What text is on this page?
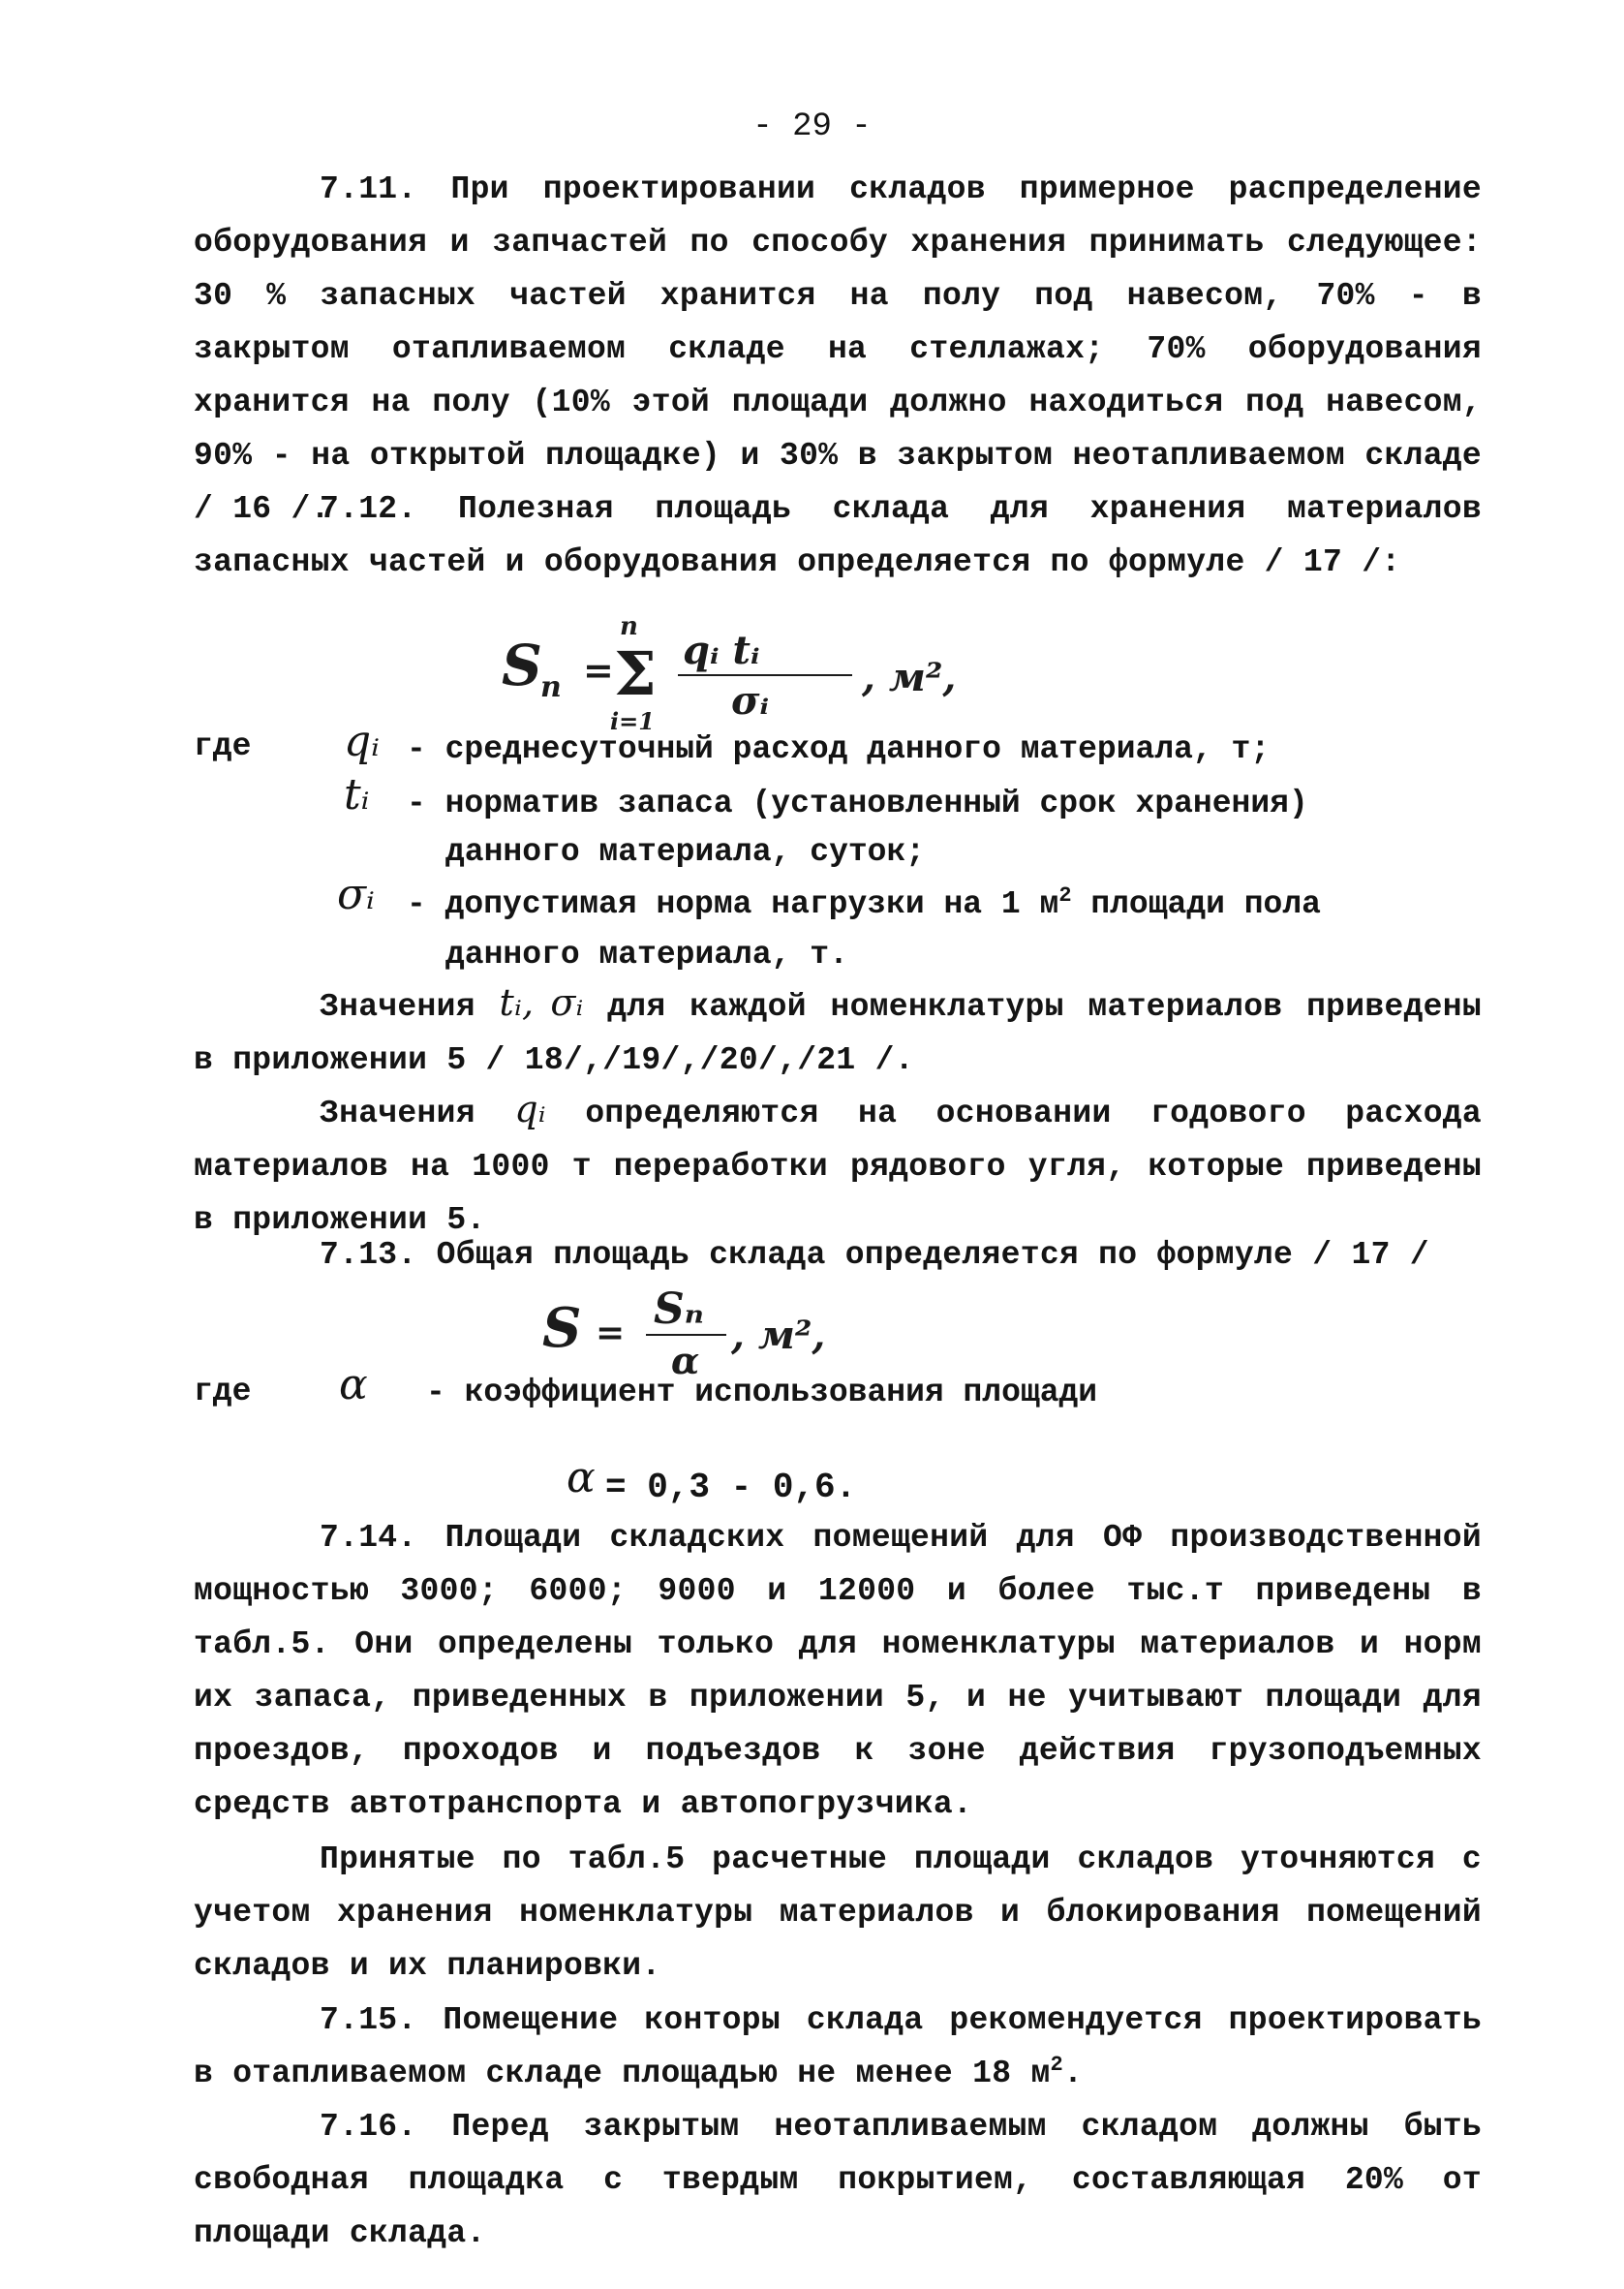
- 29 -

7.11. При проектировании складов примерное распределение оборудования и запчастей по способу хранения принимать следующее: 30 % запасных частей хранится на полу под навесом, 70% - в закрытом отапливаемом складе на стеллажах; 70% оборудования хранится на полу (10% этой площади должно находиться под навесом, 90% - на открытой площадке) и 30% в закрытом неотапливаемом складе / 16 /.

7.12. Полезная площадь склада для хранения материалов запасных частей и оборудования определяется по формуле / 17 /:

S
п =
n
Σ
i=1
qᵢ tᵢ
σᵢ
, м²,
где qᵢ - среднесуточный расход данного материала, т;
tᵢ - норматив запаса (установленный срок хранения)
данного материала, суток;
σᵢ - допустимая норма нагрузки на 1 $м^2$ площади пола
данного материала, т.

Значения tᵢ, σᵢ для каждой номенклатуры материалов приведены в приложении 5 / 18/,/19/,/20/,/21 /.

Значения qᵢ определяются на основании годового расхода материалов на 1000 т переработки рядового угля, которые приведены в приложении 5.

7.13. Общая площадь склада определяется по формуле / 17 /

S = Sₙ
α
, м²,
где α - коэффициент использования площади
α = 0,3 - 0,6.

7.14. Площади складских помещений для ОФ производственной мощностью 3000; 6000; 9000 и 12000 и более тыс.т приведены в табл.5. Они определены только для номенклатуры материалов и норм их запаса, приведенных в приложении 5, и не учитывают площади для проездов, проходов и подъездов к зоне действия грузоподъемных средств автотранспорта и автопогрузчика.

Принятые по табл.5 расчетные площади складов уточняются с учетом хранения номенклатуры материалов и блокирования помещений складов и их планировки.

7.15. Помещение конторы склада рекомендуется проектировать в отапливаемом складе площадью не менее 18 $м^2$.

7.16. Перед закрытым неотапливаемым складом должны быть свободная площадка с твердым покрытием, составляющая 20% от площади склада.
